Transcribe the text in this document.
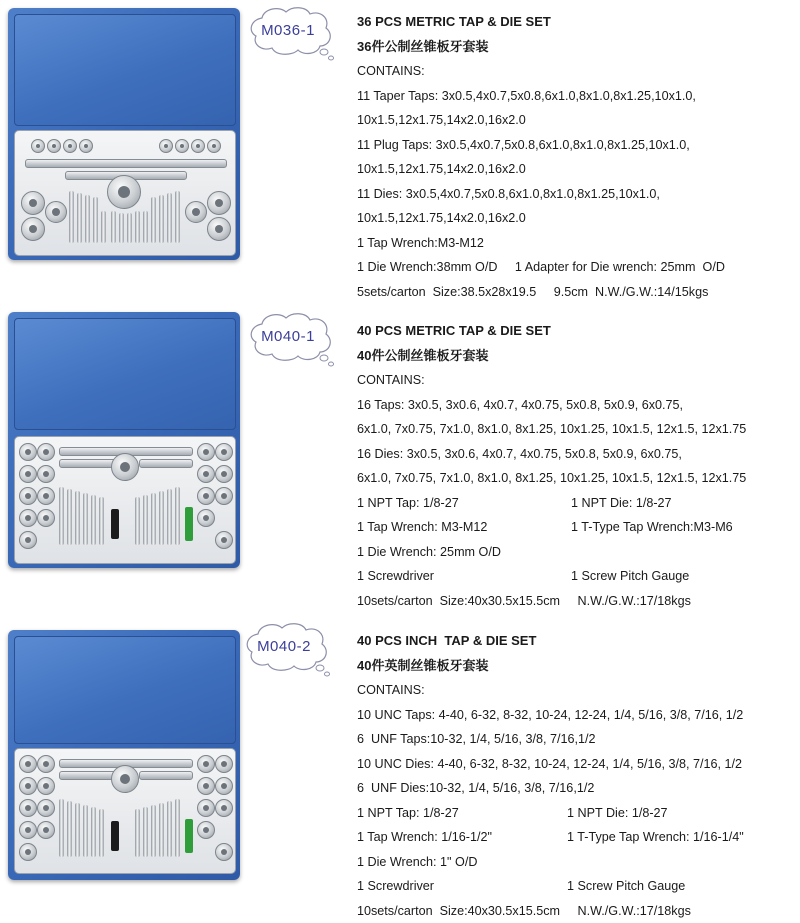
M036-1
36 PCS METRIC TAP & DIE SET
36件公制丝锥板牙套装
CONTAINS:
11 Taper Taps: 3x0.5,4x0.7,5x0.8,6x1.0,8x1.0,8x1.25,10x1.0,
10x1.5,12x1.75,14x2.0,16x2.0
11 Plug Taps: 3x0.5,4x0.7,5x0.8,6x1.0,8x1.0,8x1.25,10x1.0,
10x1.5,12x1.75,14x2.0,16x2.0
11 Dies: 3x0.5,4x0.7,5x0.8,6x1.0,8x1.0,8x1.25,10x1.0,
10x1.5,12x1.75,14x2.0,16x2.0
1 Tap Wrench:M3-M12
1 Die Wrench:38mm O/D     1 Adapter for Die wrench: 25mm  O/D
5sets/carton  Size:38.5x28x19.5     9.5cm  N.W./G.W.:14/15kgs
M040-1	40 PCS METRIC TAP & DIE SET
40件公制丝锥板牙套装
CONTAINS:
16 Taps: 3x0.5, 3x0.6, 4x0.7, 4x0.75, 5x0.8, 5x0.9, 6x0.75,
6x1.0, 7x0.75, 7x1.0, 8x1.0, 8x1.25, 10x1.25, 10x1.5, 12x1.5, 12x1.75
16 Dies: 3x0.5, 3x0.6, 4x0.7, 4x0.75, 5x0.8, 5x0.9, 6x0.75,
6x1.0, 7x0.75, 7x1.0, 8x1.0, 8x1.25, 10x1.25, 10x1.5, 12x1.5, 12x1.75
1 NPT Tap: 1/8-27	1 NPT Die: 1/8-27
1 Tap Wrench: M3-M12	1 T-Type Tap Wrench:M3-M6
1 Die Wrench: 25mm O/D
1 Screwdriver	1 Screw Pitch Gauge
10sets/carton  Size:40x30.5x15.5cm     N.W./G.W.:17/18kgs
M040-2	40 PCS INCH  TAP & DIE SET
40件英制丝锥板牙套装
CONTAINS:
10 UNC Taps: 4-40, 6-32, 8-32, 10-24, 12-24, 1/4, 5/16, 3/8, 7/16, 1/2
6  UNF Taps:10-32, 1/4, 5/16, 3/8, 7/16,1/2
10 UNC Dies: 4-40, 6-32, 8-32, 10-24, 12-24, 1/4, 5/16, 3/8, 7/16, 1/2
6  UNF Dies:10-32, 1/4, 5/16, 3/8, 7/16,1/2
1 NPT Tap: 1/8-27	1 NPT Die: 1/8-27
1 Tap Wrench: 1/16-1/2"	1 T-Type Tap Wrench: 1/16-1/4"
1 Die Wrench: 1" O/D
1 Screwdriver	1 Screw Pitch Gauge
10sets/carton  Size:40x30.5x15.5cm     N.W./G.W.:17/18kgs
